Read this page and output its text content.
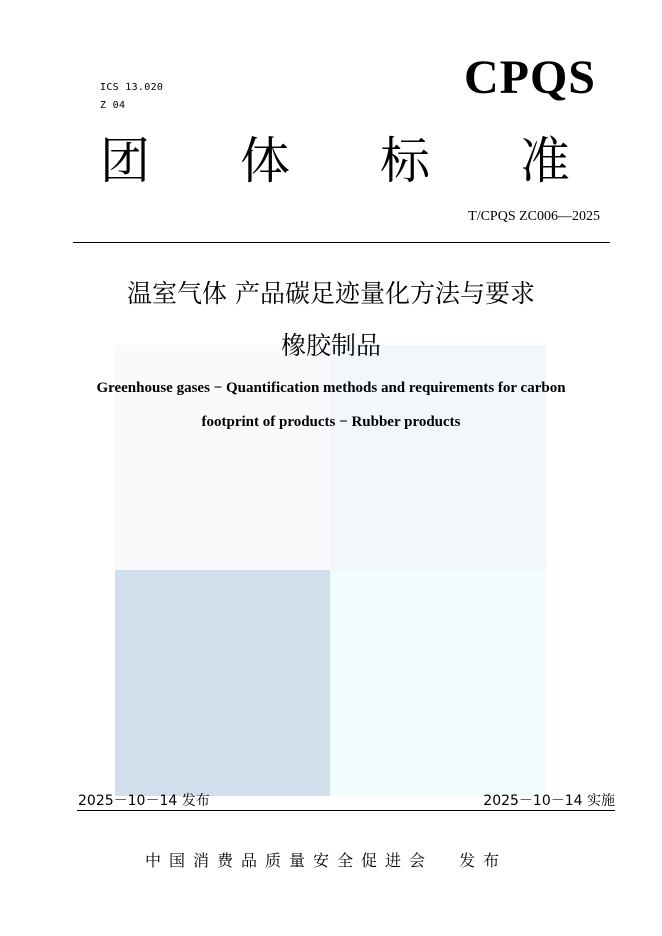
ICS 13.020
Z 04
CPQS
团 体 标 准
T/CPQS ZC006—2025
温室气体 产品碳足迹量化方法与要求
橡胶制品
Greenhouse gases − Quantification methods and requirements for carbon
footprint of products − Rubber products
2025－10－14 发布	2025－10－14 实施
中国消费品质量安全促进会  发布
